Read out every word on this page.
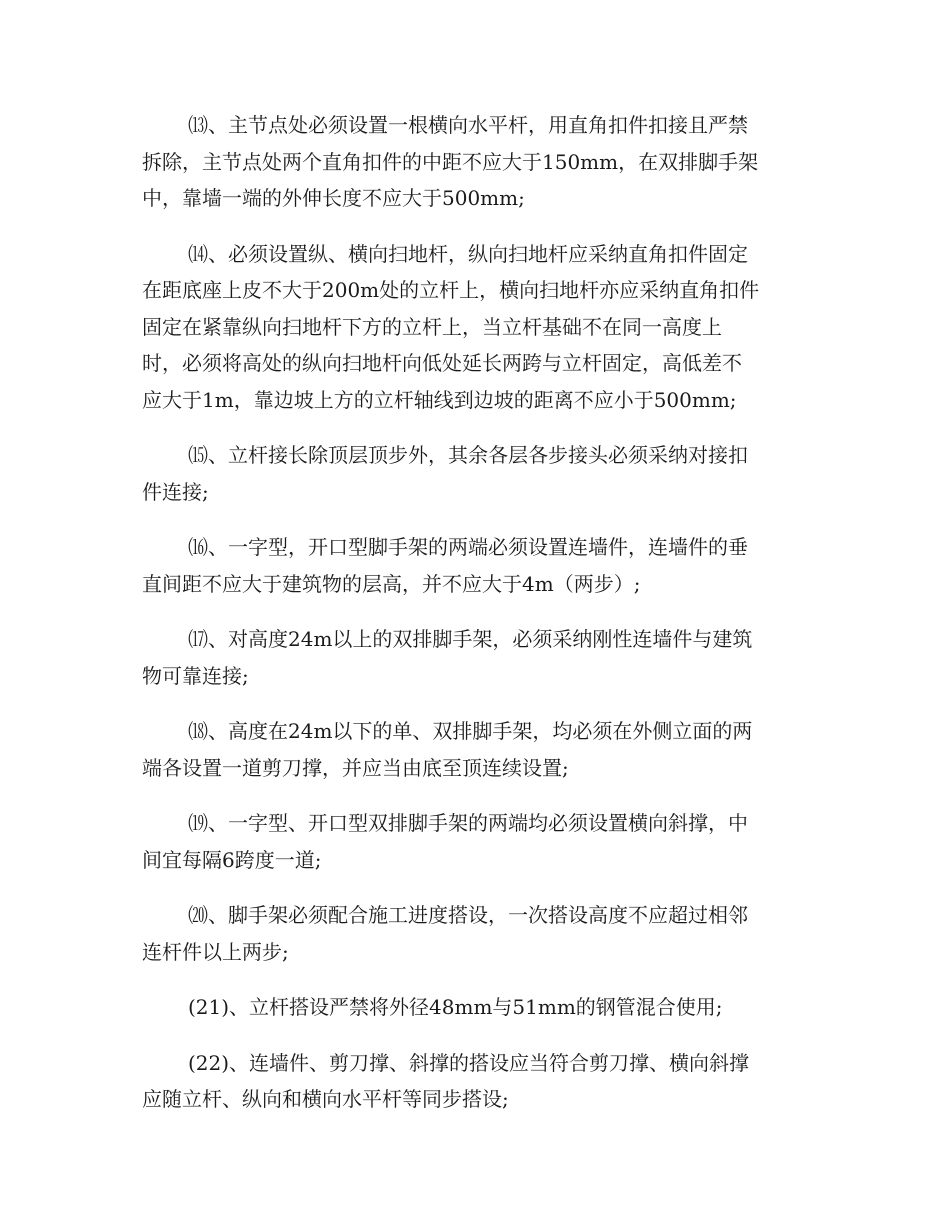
⒀、主节点处必须设置一根横向水平杆，用直角扣件扣接且严禁
拆除，主节点处两个直角扣件的中距不应大于150mm，在双排脚手架
中，靠墙一端的外伸长度不应大于500mm;
⒁、必须设置纵、横向扫地杆，纵向扫地杆应采纳直角扣件固定
在距底座上皮不大于200m处的立杆上，横向扫地杆亦应采纳直角扣件
固定在紧靠纵向扫地杆下方的立杆上，当立杆基础不在同一高度上
时，必须将高处的纵向扫地杆向低处延长两跨与立杆固定，高低差不
应大于1m，靠边坡上方的立杆轴线到边坡的距离不应小于500mm;
⒂、立杆接长除顶层顶步外，其余各层各步接头必须采纳对接扣
件连接;
⒃、一字型，开口型脚手架的两端必须设置连墙件，连墙件的垂
直间距不应大于建筑物的层高，并不应大于4m（两步）;
⒄、对高度24m以上的双排脚手架，必须采纳刚性连墙件与建筑
物可靠连接;
⒅、高度在24m以下的单、双排脚手架，均必须在外侧立面的两
端各设置一道剪刀撑，并应当由底至顶连续设置;
⒆、一字型、开口型双排脚手架的两端均必须设置横向斜撑，中
间宜每隔6跨度一道;
⒇、脚手架必须配合施工进度搭设，一次搭设高度不应超过相邻
连杆件以上两步;
(21)、立杆搭设严禁将外径48mm与51mm的钢管混合使用;
(22)、连墙件、剪刀撑、斜撑的搭设应当符合剪刀撑、横向斜撑
应随立杆、纵向和横向水平杆等同步搭设;
